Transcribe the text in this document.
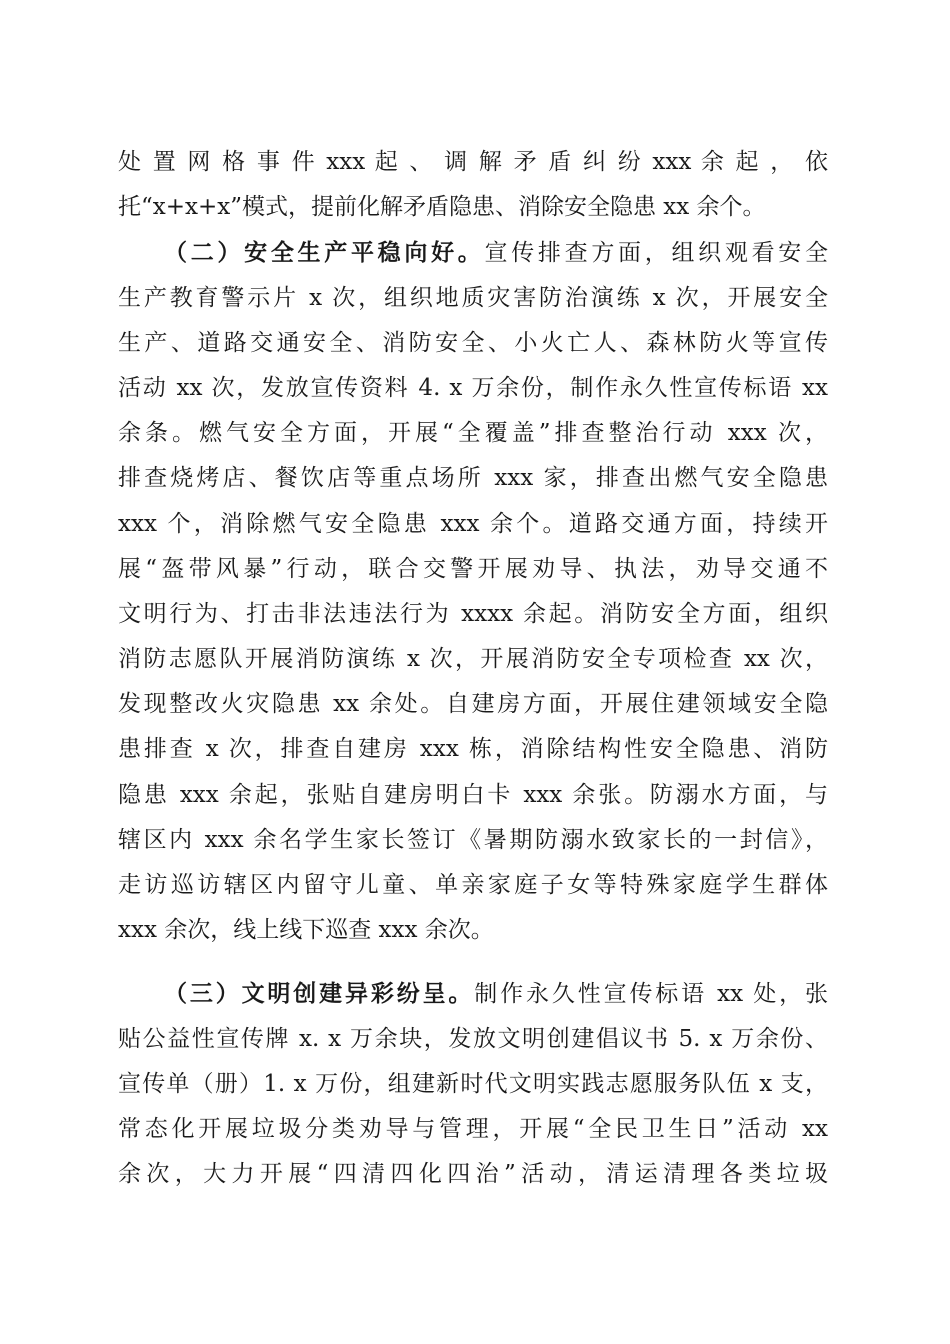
处 置 网 格 事 件 xxx 起 、 调 解 矛 盾 纠 纷 xxx 余 起 ， 依
托“x+x+x”模式，提前化解矛盾隐患、消除安全隐患 xx 余个。
（二）安全生产平稳向好。宣传排查方面，组织观看安全
生产教育警示片 x 次，组织地质灾害防治演练 x 次，开展安全
生产、道路交通安全、消防安全、小火亡人、森林防火等宣传
活动 xx 次，发放宣传资料 4. x 万余份，制作永久性宣传标语 xx
余条。燃气安全方面，开展“全覆盖”排查整治行动 xxx 次，
排查烧烤店、餐饮店等重点场所 xxx 家，排查出燃气安全隐患
xxx 个，消除燃气安全隐患 xxx 余个。道路交通方面，持续开
展“盔带风暴”行动，联合交警开展劝导、执法，劝导交通不
文明行为、打击非法违法行为 xxxx 余起。消防安全方面，组织
消防志愿队开展消防演练 x 次，开展消防安全专项检查 xx 次，
发现整改火灾隐患 xx 余处。自建房方面，开展住建领域安全隐
患排查 x 次，排查自建房 xxx 栋，消除结构性安全隐患、消防
隐患 xxx 余起，张贴自建房明白卡 xxx 余张。防溺水方面，与
辖区内 xxx 余名学生家长签订《暑期防溺水致家长的一封信》，
走访巡访辖区内留守儿童、单亲家庭子女等特殊家庭学生群体
xxx 余次，线上线下巡查 xxx 余次。
（三）文明创建异彩纷呈。制作永久性宣传标语 xx 处，张
贴公益性宣传牌 x. x 万余块，发放文明创建倡议书 5. x 万余份、
宣传单（册）1. x 万份，组建新时代文明实践志愿服务队伍 x 支，
常态化开展垃圾分类劝导与管理，开展“全民卫生日”活动 xx
余次，大力开展“四清四化四治”活动，清运清理各类垃圾
